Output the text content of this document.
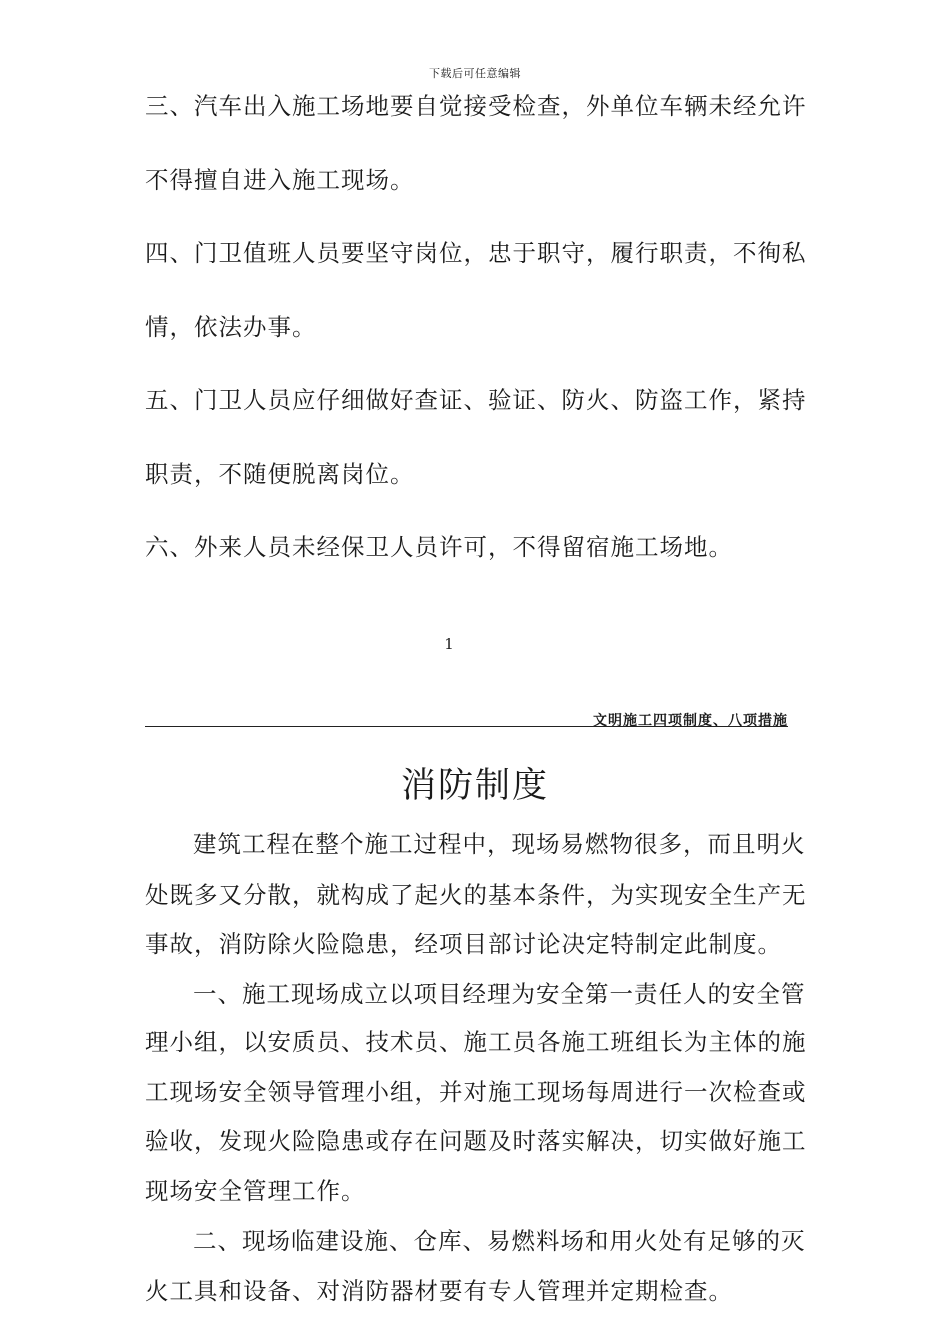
下载后可任意编辑
三、汽车出入施工场地要自觉接受检查，外单位车辆未经允许
不得擅自进入施工现场。
四、门卫值班人员要坚守岗位，忠于职守，履行职责，不徇私
情，依法办事。
五、门卫人员应仔细做好查证、验证、防火、防盗工作，紧持
职责，不随便脱离岗位。
六、外来人员未经保卫人员许可，不得留宿施工场地。
1
文明施工四项制度、八项措施
消防制度
建筑工程在整个施工过程中，现场易燃物很多，而且明火
处既多又分散，就构成了起火的基本条件，为实现安全生产无
事故，消防除火险隐患，经项目部讨论决定特制定此制度。
一、施工现场成立以项目经理为安全第一责任人的安全管
理小组，以安质员、技术员、施工员各施工班组长为主体的施
工现场安全领导管理小组，并对施工现场每周进行一次检查或
验收，发现火险隐患或存在问题及时落实解决，切实做好施工
现场安全管理工作。
二、现场临建设施、仓库、易燃料场和用火处有足够的灭
火工具和设备、对消防器材要有专人管理并定期检查。
